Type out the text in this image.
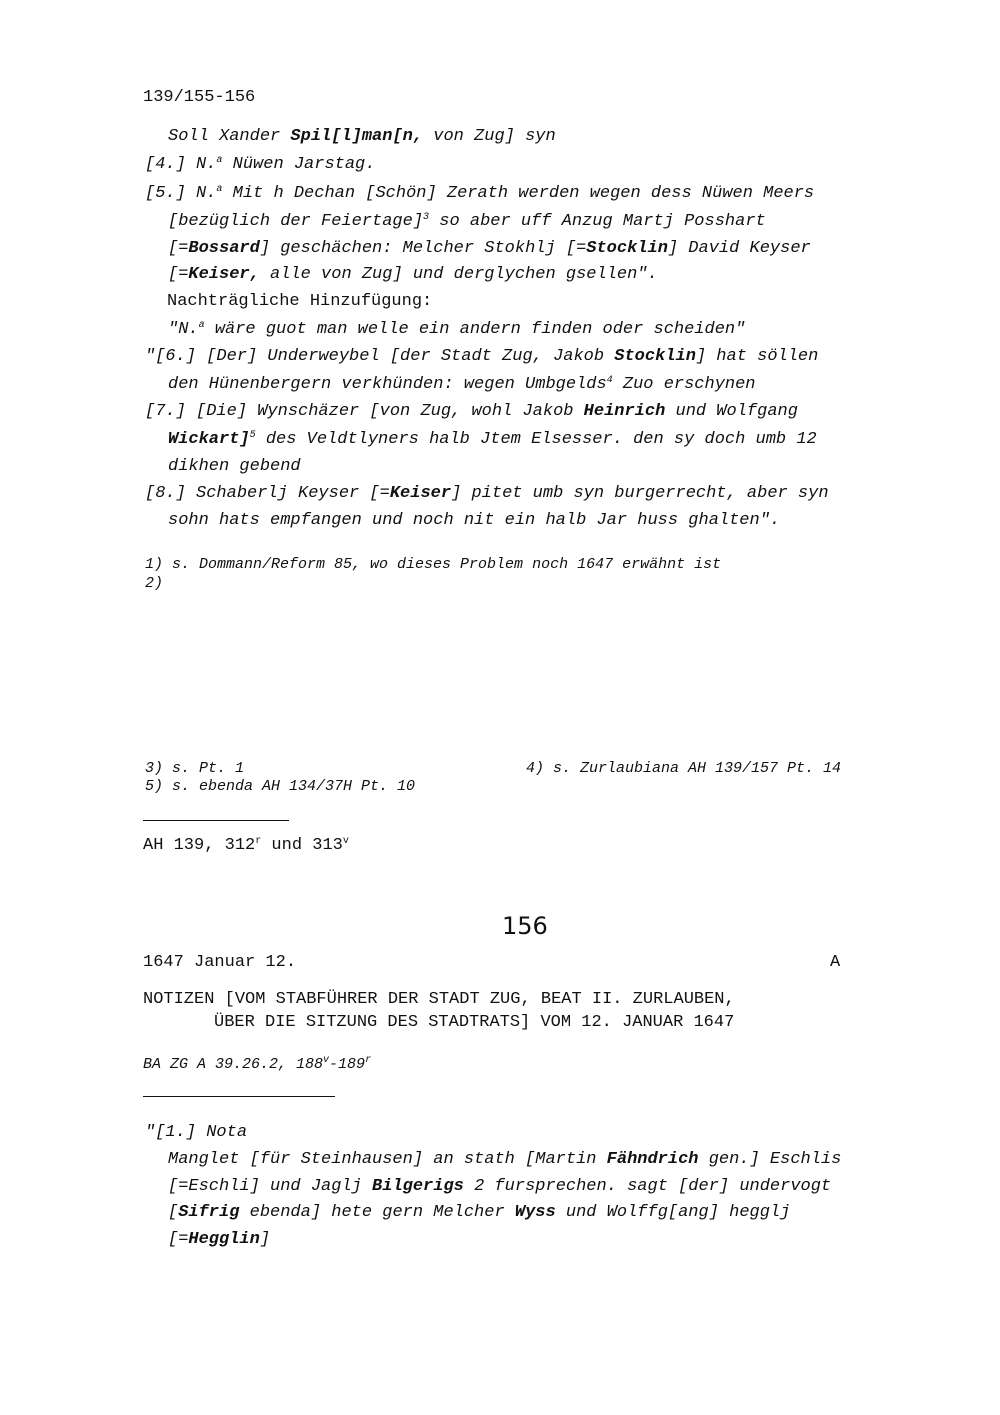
139/155-156
Soll Xander Spil[l]man[n, von Zug] syn
[4.] N.$^a$ Nüwen Jarstag.
[5.] N.$^a$ Mit h Dechan [Schön] Zerath werden wegen dess Nüwen Meers
[bezüglich der Feiertage]$^3$ so aber uff Anzug Martj Posshart
[=Bossard] geschächen: Melcher Stokhlj [=Stocklin] David Keyser
[=Keiser, alle von Zug] und derglychen gsellen".
Nachträgliche Hinzufügung:
"N.$^a$ wäre guot man welle ein andern finden oder scheiden"
"[6.] [Der] Underweybel [der Stadt Zug, Jakob Stocklin] hat söllen
den Hünenbergern verkhünden: wegen Umbgelds$^4$ Zuo erschynen
[7.] [Die] Wynschäzer [von Zug, wohl Jakob Heinrich und Wolfgang
Wickart]$^5$ des Veldtlyners halb Jtem Elsesser. den sy doch umb 12
dikhen gebend
[8.] Schaberlj Keyser [=Keiser] pitet umb syn burgerrecht, aber syn
sohn hats empfangen und noch nit ein halb Jar huss ghalten".
1) s. Dommann/Reform 85, wo dieses Problem noch 1647 erwähnt ist
2)
3) s. Pt. 1	4) s. Zurlaubiana AH 139/157 Pt. 14
5) s. ebenda AH 134/37H Pt. 10
AH 139, 312$^r$ und 313$^v$
156
1647 Januar 12.	A
NOTIZEN [VOM STABFÜHRER DER STADT ZUG, BEAT II. ZURLAUBEN,
ÜBER DIE SITZUNG DES STADTRATS] VOM 12. JANUAR 1647
BA ZG A 39.26.2, 188$^v$-189$^r$
"[1.] Nota
Manglet [für Steinhausen] an stath [Martin Fähndrich gen.] Eschlis
[=Eschli] und Jaglj Bilgerigs 2 fursprechen. sagt [der] undervogt
[Sifrig ebenda] hete gern Melcher Wyss und Wolffg[ang] hegglj
[=Hegglin]
